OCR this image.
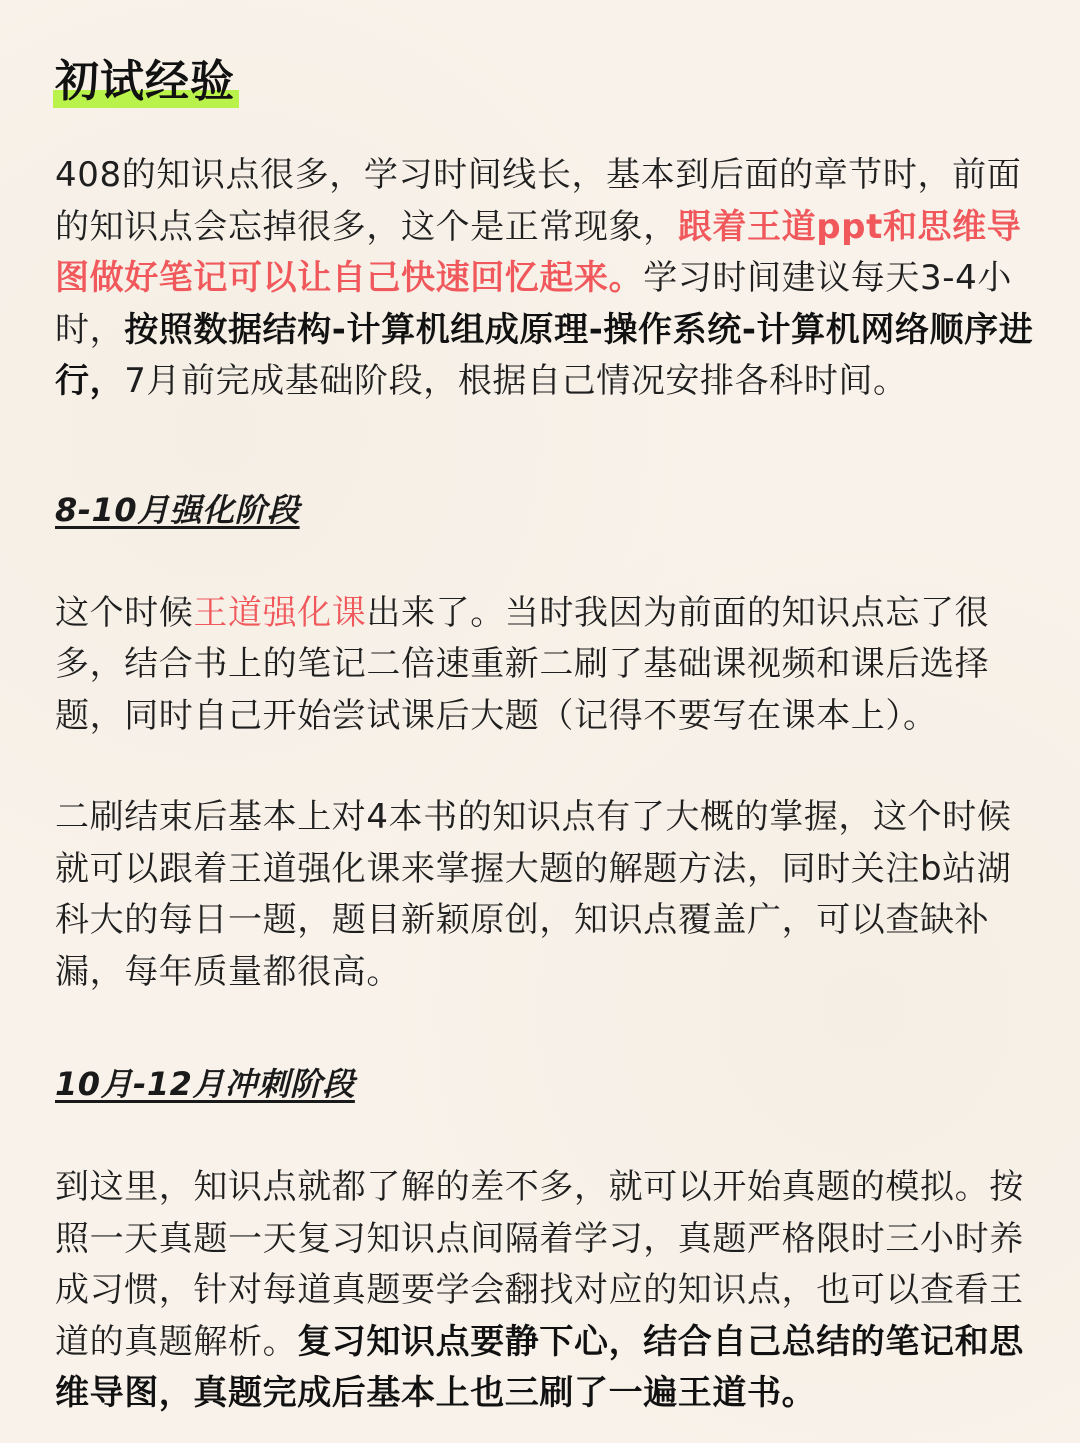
初试经验

408的知识点很多，学习时间线长，基本到后面的章节时，前面的知识点会忘掉很多，这个是正常现象，跟着王道ppt和思维导图做好笔记可以让自己快速回忆起来。学习时间建议每天3-4小时，按照数据结构-计算机组成原理-操作系统-计算机网络顺序进行，7月前完成基础阶段，根据自己情况安排各科时间。

8-10月强化阶段

这个时候王道强化课出来了。当时我因为前面的知识点忘了很多，结合书上的笔记二倍速重新二刷了基础课视频和课后选择题，同时自己开始尝试课后大题（记得不要写在课本上）。

二刷结束后基本上对4本书的知识点有了大概的掌握，这个时候就可以跟着王道强化课来掌握大题的解题方法，同时关注b站湖科大的每日一题，题目新颖原创，知识点覆盖广，可以查缺补漏，每年质量都很高。

10月-12月冲刺阶段

到这里，知识点就都了解的差不多，就可以开始真题的模拟。按照一天真题一天复习知识点间隔着学习，真题严格限时三小时养成习惯，针对每道真题要学会翻找对应的知识点，也可以查看王道的真题解析。复习知识点要静下心，结合自己总结的笔记和思维导图，真题完成后基本上也三刷了一遍王道书。
